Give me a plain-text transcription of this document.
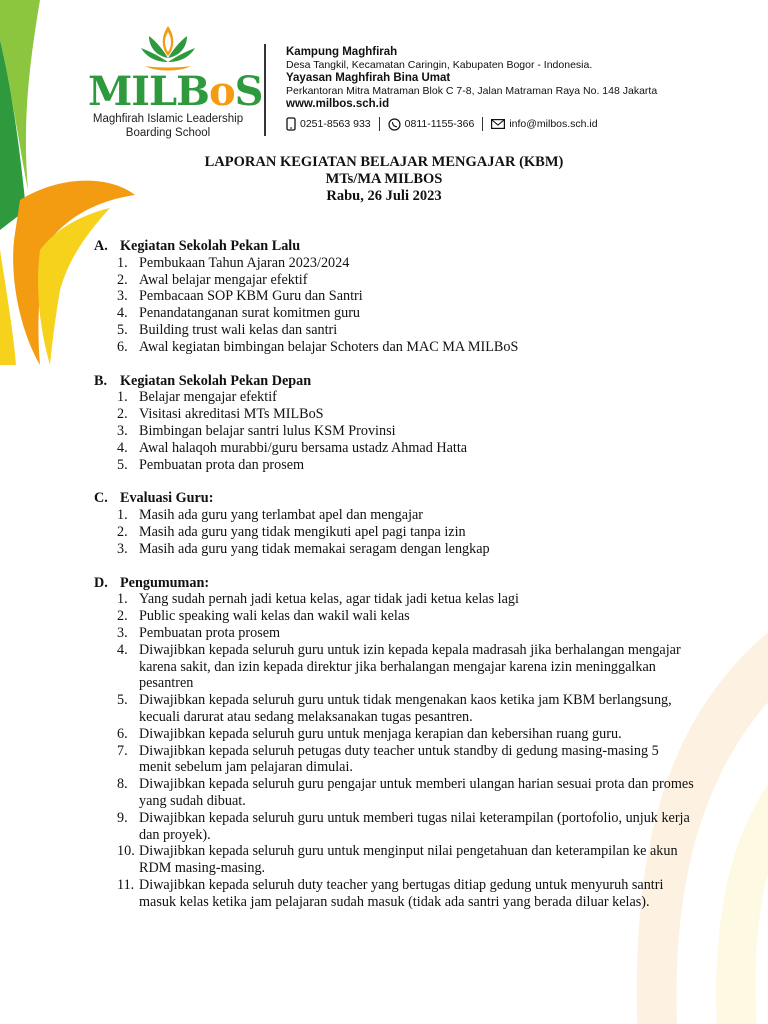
MILBoS
Maghfirah Islamic Leadership
Boarding School
Kampung Maghfirah
Desa Tangkil, Kecamatan Caringin, Kabupaten Bogor - Indonesia.
Yayasan Maghfirah Bina Umat
Perkantoran Mitra Matraman Blok C 7-8, Jalan Matraman Raya No. 148 Jakarta
www.milbos.sch.id
0251-8563 933	0811-1155-366	info@milbos.sch.id
LAPORAN KEGIATAN BELAJAR MENGAJAR (KBM)
MTs/MA MILBOS
Rabu, 26 Juli 2023
A. Kegiatan Sekolah Pekan Lalu
1. Pembukaan Tahun Ajaran 2023/2024
2. Awal belajar mengajar efektif
3. Pembacaan SOP KBM Guru dan Santri
4. Penandatanganan surat komitmen guru
5. Building trust wali kelas dan santri
6. Awal kegiatan bimbingan belajar Schoters dan MAC MA MILBoS
B. Kegiatan Sekolah Pekan Depan
1. Belajar mengajar efektif
2. Visitasi akreditasi MTs MILBoS
3. Bimbingan belajar santri lulus KSM Provinsi
4. Awal halaqoh murabbi/guru bersama ustadz Ahmad Hatta
5. Pembuatan prota dan prosem
C. Evaluasi Guru:
1. Masih ada guru yang terlambat apel dan mengajar
2. Masih ada guru yang tidak mengikuti apel pagi tanpa izin
3. Masih ada guru yang tidak memakai seragam dengan lengkap
D. Pengumuman:
1. Yang sudah pernah jadi ketua kelas, agar tidak jadi ketua kelas lagi
2. Public speaking wali kelas dan wakil wali kelas
3. Pembuatan prota prosem
4. Diwajibkan kepada seluruh guru untuk izin kepada kepala madrasah jika berhalangan mengajar karena sakit, dan izin kepada direktur jika berhalangan mengajar karena izin meninggalkan pesantren
5. Diwajibkan kepada seluruh guru untuk tidak mengenakan kaos ketika jam KBM berlangsung, kecuali darurat atau sedang melaksanakan tugas pesantren.
6. Diwajibkan kepada seluruh guru untuk menjaga kerapian dan kebersihan ruang guru.
7. Diwajibkan kepada seluruh petugas duty teacher untuk standby di gedung masing-masing 5 menit sebelum jam pelajaran dimulai.
8. Diwajibkan kepada seluruh guru pengajar untuk memberi ulangan harian sesuai prota dan promes yang sudah dibuat.
9. Diwajibkan kepada seluruh guru untuk memberi tugas nilai keterampilan (portofolio, unjuk kerja dan proyek).
10. Diwajibkan kepada seluruh guru untuk menginput nilai pengetahuan dan keterampilan ke akun RDM masing-masing.
11. Diwajibkan kepada seluruh duty teacher yang bertugas ditiap gedung untuk menyuruh santri masuk kelas ketika jam pelajaran sudah masuk (tidak ada santri yang berada diluar kelas).
